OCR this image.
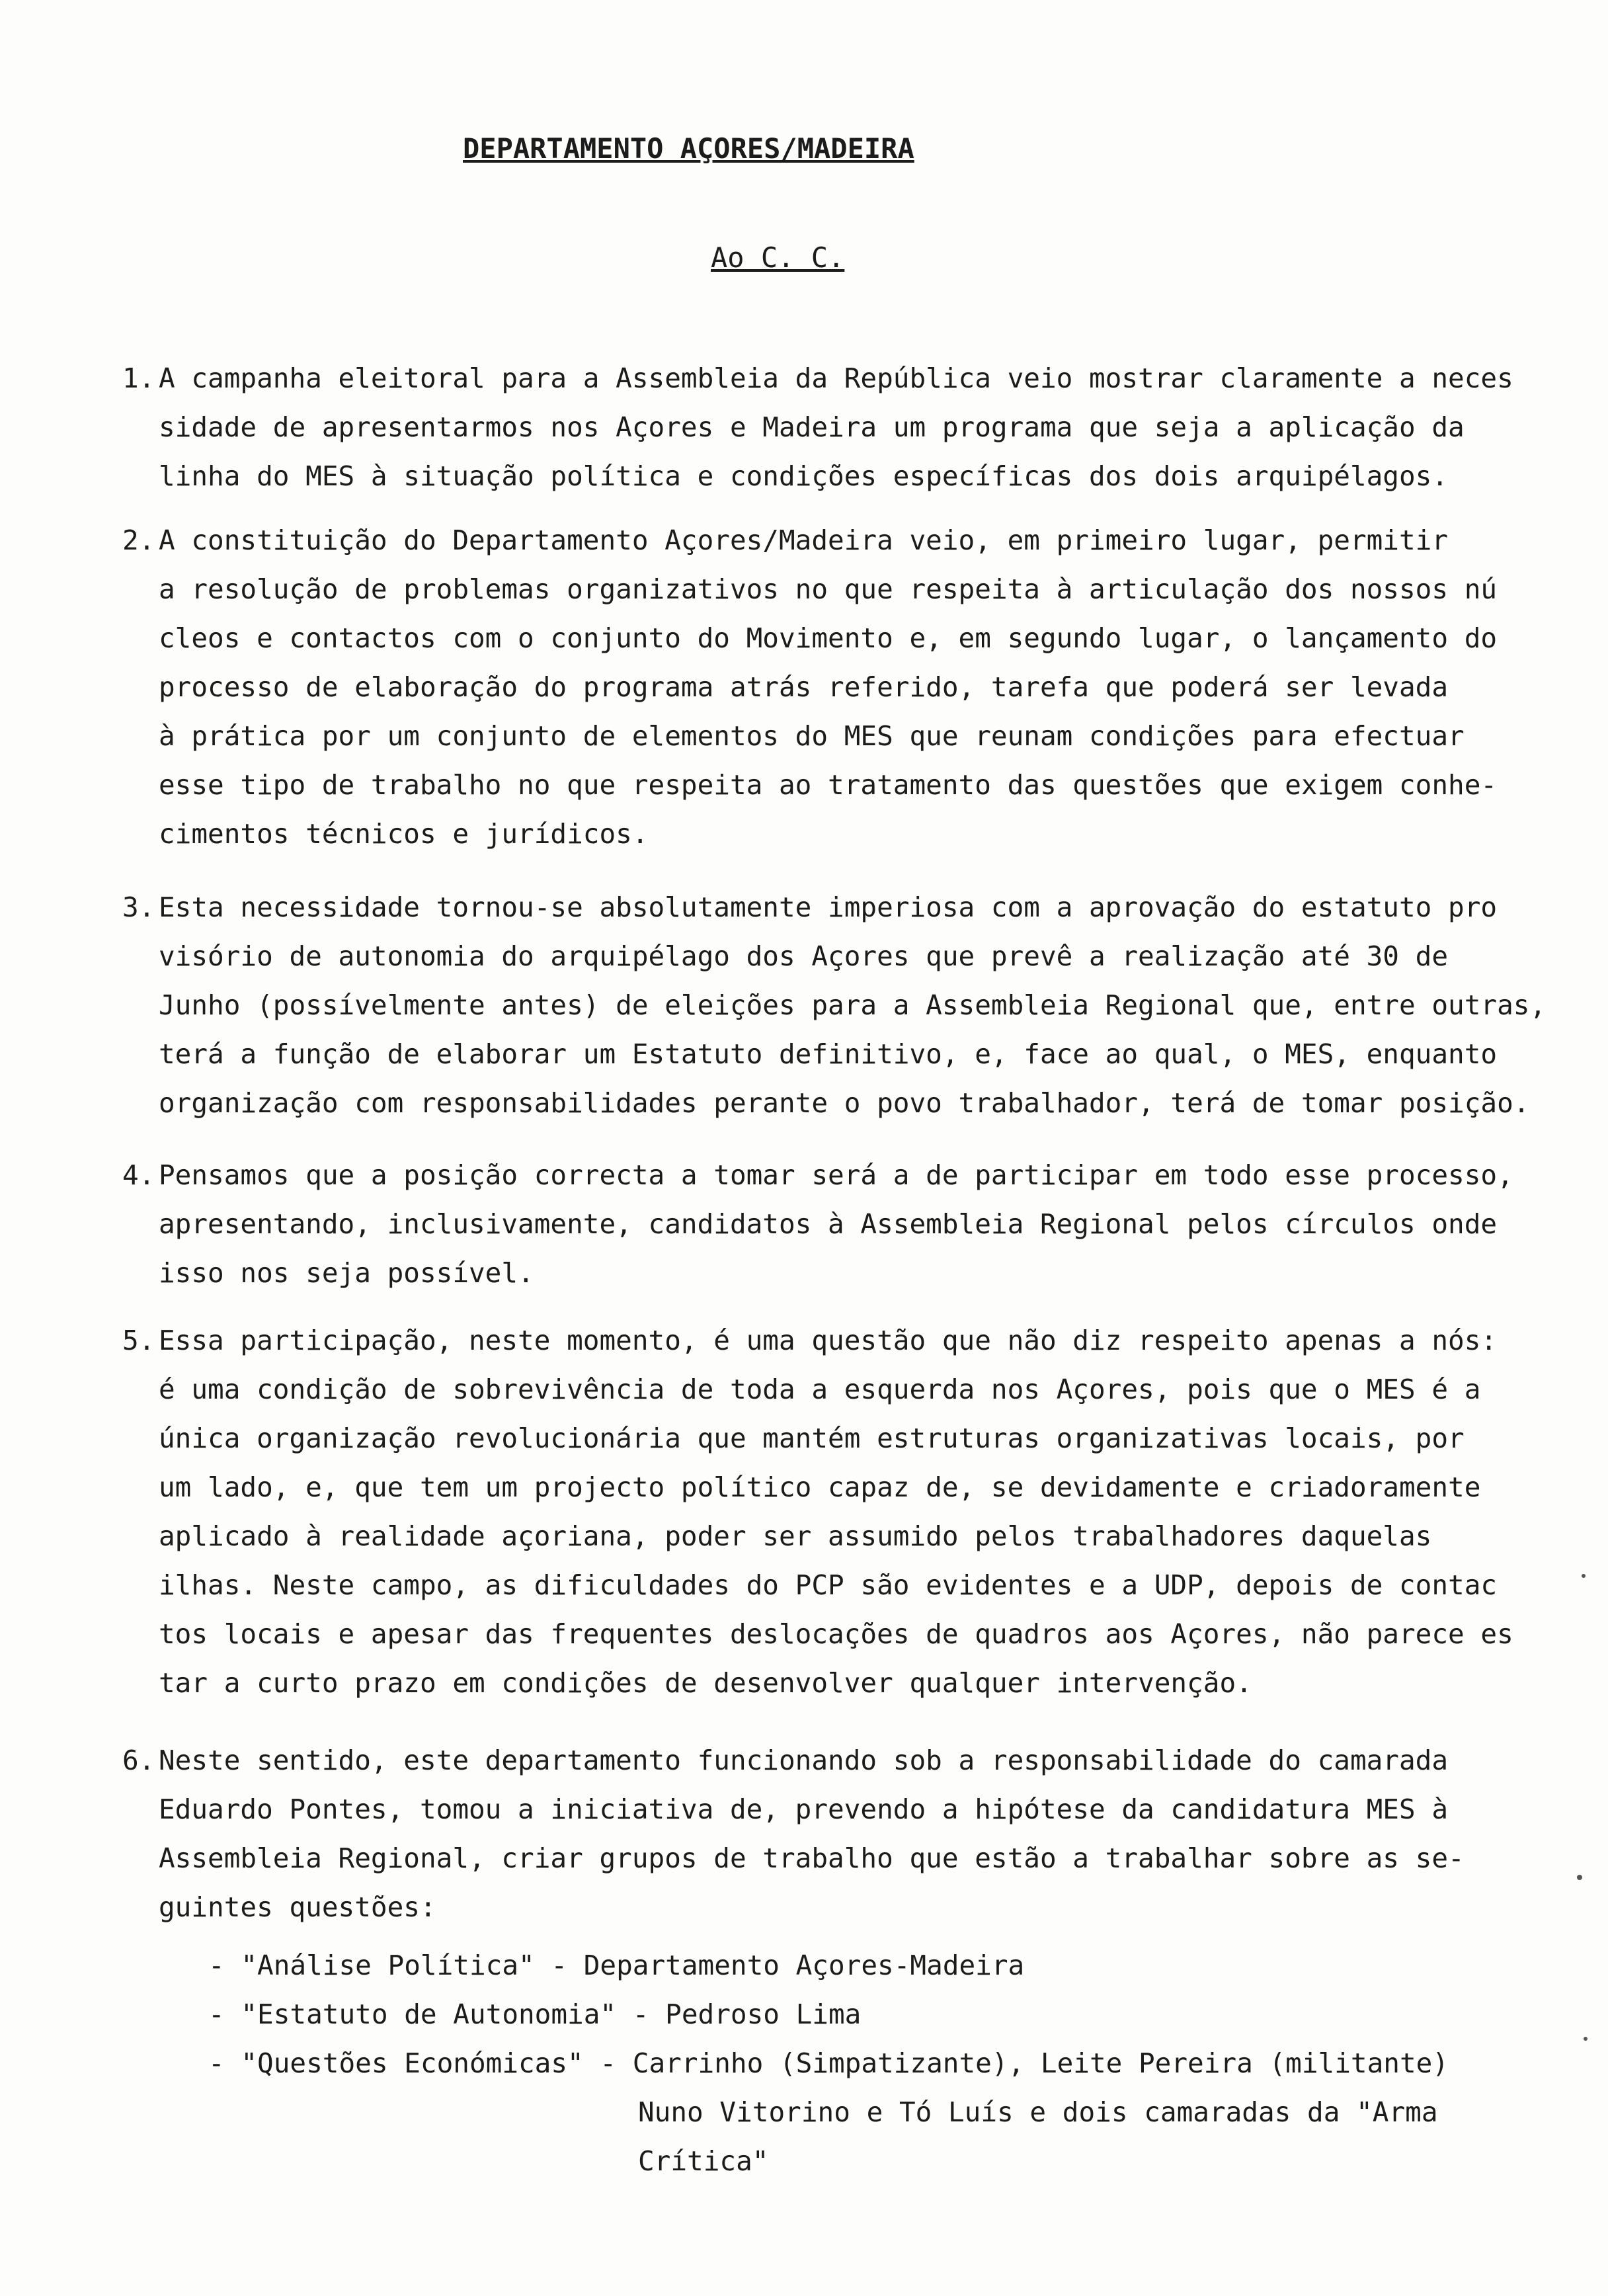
DEPARTAMENTO AÇORES/MADEIRA
Ao C. C.
1. A campanha eleitoral para a Assembleia da República veio mostrar claramente a neces
sidade de apresentarmos nos Açores e Madeira um programa que seja a aplicação da
linha do MES à situação política e condições específicas dos dois arquipélagos.
2. A constituição do Departamento Açores/Madeira veio, em primeiro lugar, permitir
a resolução de problemas organizativos no que respeita à articulação dos nossos nú
cleos e contactos com o conjunto do Movimento e, em segundo lugar, o lançamento do
processo de elaboração do programa atrás referido, tarefa que poderá ser levada
à prática por um conjunto de elementos do MES que reunam condições para efectuar
esse tipo de trabalho no que respeita ao tratamento das questões que exigem conhe-
cimentos técnicos e jurídicos.
3. Esta necessidade tornou-se absolutamente imperiosa com a aprovação do estatuto pro
visório de autonomia do arquipélago dos Açores que prevê a realização até 30 de
Junho (possívelmente antes) de eleições para a Assembleia Regional que, entre outras,
terá a função de elaborar um Estatuto definitivo, e, face ao qual, o MES, enquanto
organização com responsabilidades perante o povo trabalhador, terá de tomar posição.
4. Pensamos que a posição correcta a tomar será a de participar em todo esse processo,
apresentando, inclusivamente, candidatos à Assembleia Regional pelos círculos onde
isso nos seja possível.
5. Essa participação, neste momento, é uma questão que não diz respeito apenas a nós:
é uma condição de sobrevivência de toda a esquerda nos Açores, pois que o MES é a
única organização revolucionária que mantém estruturas organizativas locais, por
um lado, e, que tem um projecto político capaz de, se devidamente e criadoramente
aplicado à realidade açoriana, poder ser assumido pelos trabalhadores daquelas
ilhas. Neste campo, as dificuldades do PCP são evidentes e a UDP, depois de contac
tos locais e apesar das frequentes deslocações de quadros aos Açores, não parece es
tar a curto prazo em condições de desenvolver qualquer intervenção.
6. Neste sentido, este departamento funcionando sob a responsabilidade do camarada
Eduardo Pontes, tomou a iniciativa de, prevendo a hipótese da candidatura MES à
Assembleia Regional, criar grupos de trabalho que estão a trabalhar sobre as se-
guintes questões:
- "Análise Política" - Departamento Açores-Madeira
- "Estatuto de Autonomia" - Pedroso Lima
- "Questões Económicas" - Carrinho (Simpatizante), Leite Pereira (militante)
Nuno Vitorino e Tó Luís e dois camaradas da "Arma
Crítica"
